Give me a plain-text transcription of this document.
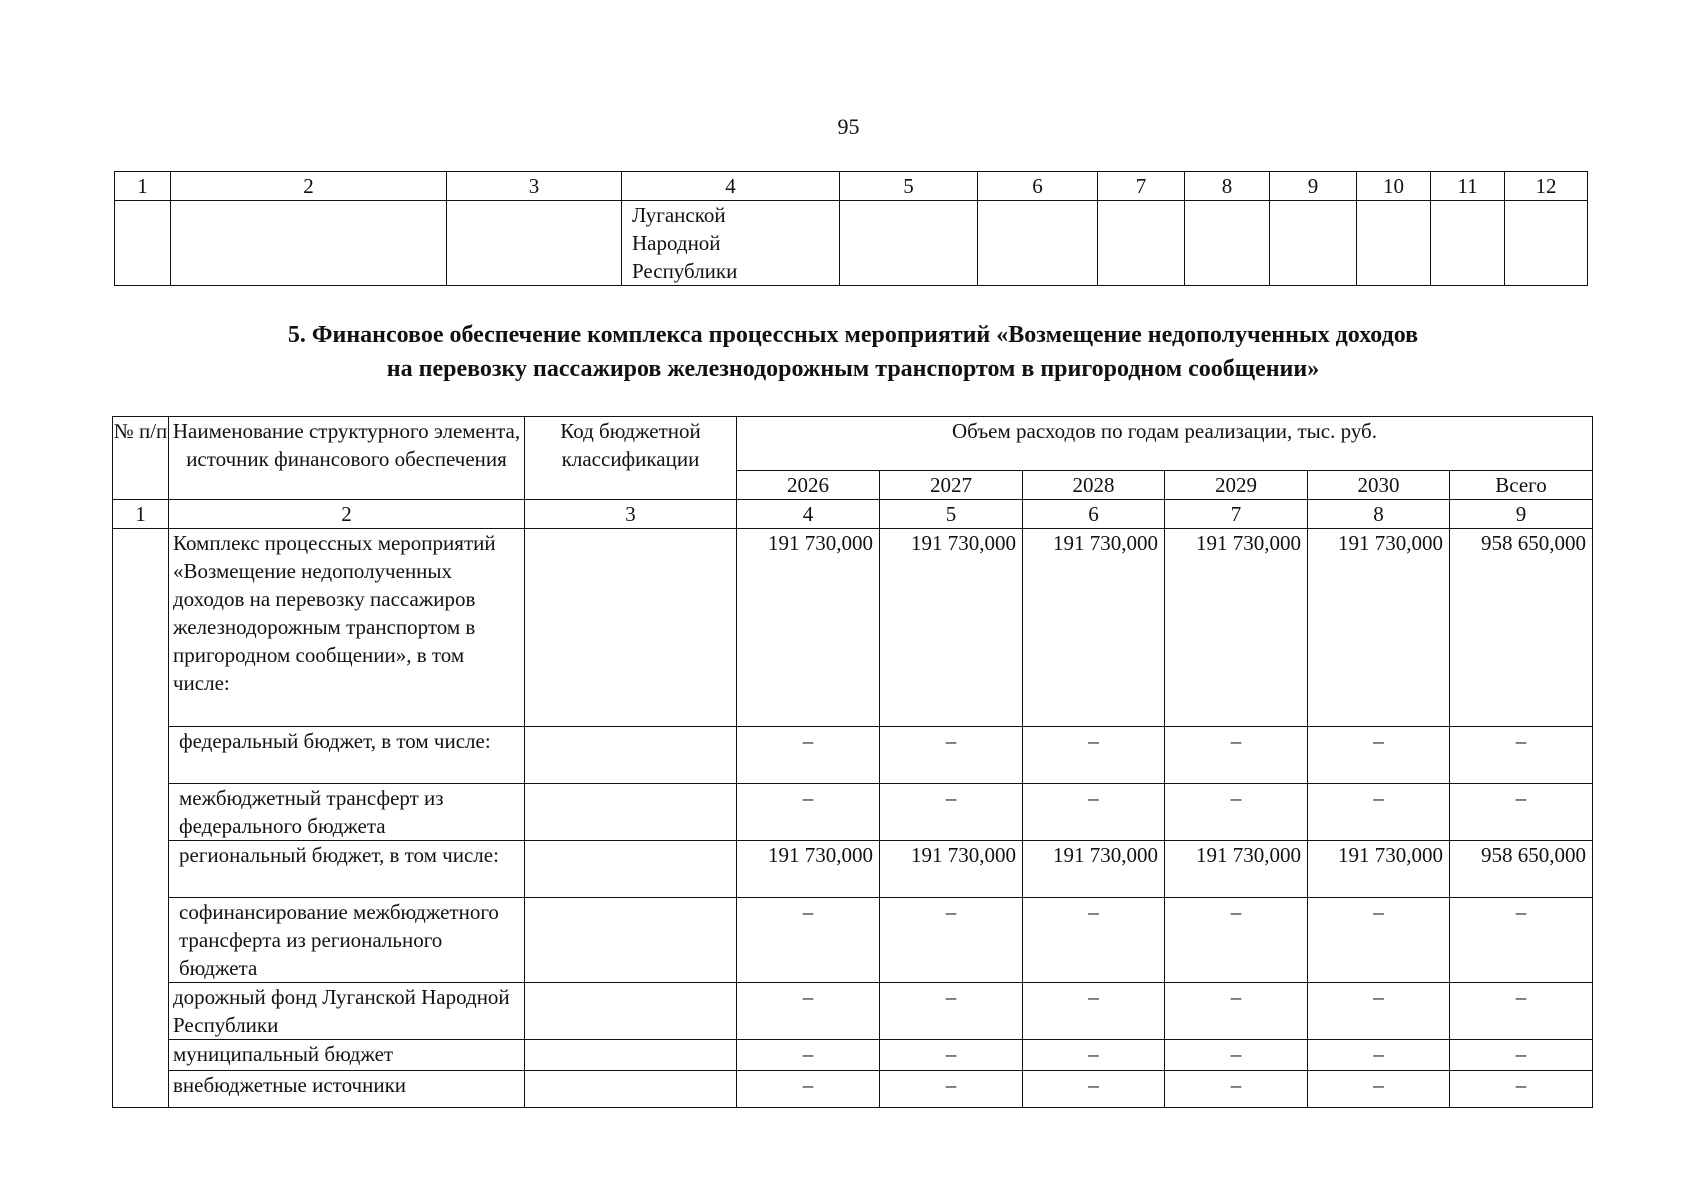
95
1	2	3	4	5	6	7	8	9	10	11	12

			Луганской
Народной
Республики								

5. Финансовое обеспечение комплекса процессных мероприятий «Возмещение недополученных доходов
на перевозку пассажиров железнодорожным транспортом в пригородном сообщении»
№ п/п	Наименование структурного элемента, источник финансового обеспечения	Код бюджетной классификации	Объем расходов по годам реализации, тыс. руб.					
			2026	2027	2028	2029	2030	Всего
1	2	3	4	5	6	7	8	9
	Комплекс процессных мероприятий «Возмещение недополученных доходов на перевозку пассажиров железнодорожным транспортом в пригородном сообщении», в том числе:		191 730,000	191 730,000	191 730,000	191 730,000	191 730,000	958 650,000
	федеральный бюджет, в том числе:		–	–	–	–	–	–
	межбюджетный трансферт из федерального бюджета		–	–	–	–	–	–
	региональный бюджет, в том числе:		191 730,000	191 730,000	191 730,000	191 730,000	191 730,000	958 650,000
	софинансирование межбюджетного трансферта из регионального бюджета		–	–	–	–	–	–
	дорожный фонд Луганской Народной Республики		–	–	–	–	–	–
	муниципальный бюджет		–	–	–	–	–	–
	внебюджетные источники		–	–	–	–	–	–
